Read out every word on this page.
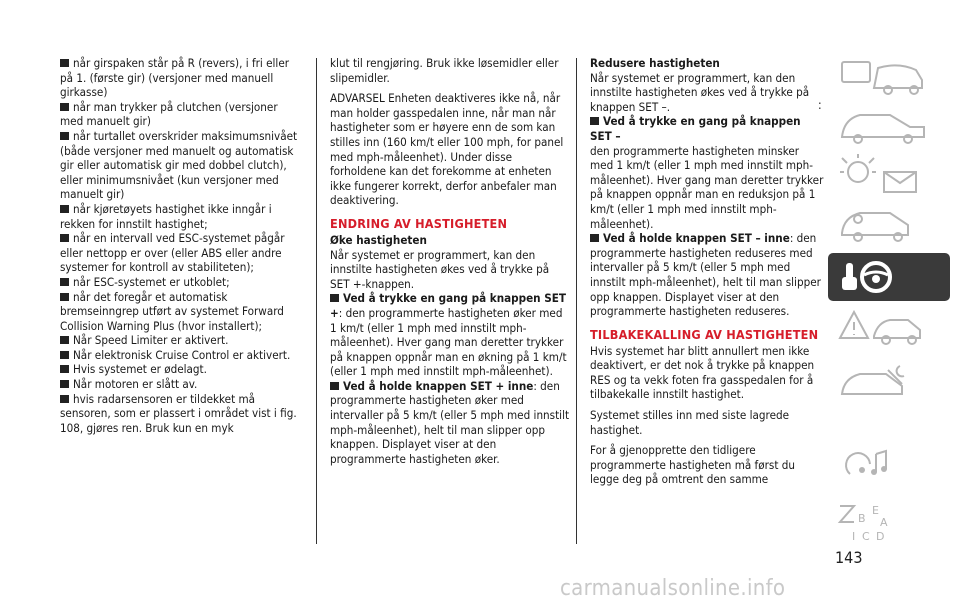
når girspaken står på R (revers), i fri eller på 1. (første gir) (versjoner med manuell girkasse)

når man trykker på clutchen (versjoner med manuelt gir)

når turtallet overskrider maksimumsnivået (både versjoner med manuelt og automatisk gir eller automatisk gir med dobbel clutch), eller minimumsnivået (kun versjoner med manuelt gir)

når kjøretøyets hastighet ikke inngår i rekken for innstilt hastighet;

når en intervall ved ESC-systemet pågår eller nettopp er over (eller ABS eller andre systemer for kontroll av stabiliteten);

når ESC-systemet er utkoblet;

når det foregår et automatisk bremseinngrep utført av systemet Forward Collision Warning Plus (hvor installert);

Når Speed Limiter er aktivert.

Når elektronisk Cruise Control er aktivert.

Hvis systemet er ødelagt.

Når motoren er slått av.

hvis radarsensoren er tildekket må sensoren, som er plassert i området vist i fig. 108, gjøres ren. Bruk kun en myk

klut til rengjøring. Bruk ikke løsemidler eller slipemidler.

ADVARSEL Enheten deaktiveres ikke nå, når man holder gasspedalen inne, når man når hastigheter som er høyere enn de som kan stilles inn (160 km/t eller 100 mph, for panel med mph-måleenhet). Under disse forholdene kan det forekomme at enheten ikke fungerer korrekt, derfor anbefaler man deaktivering.

ENDRING AV HASTIGHETEN
Øke hastigheten

Når systemet er programmert, kan den innstilte hastigheten økes ved å trykke på SET +-knappen.

Ved å trykke en gang på knappen SET +: den programmerte hastigheten øker med 1 km/t (eller 1 mph med innstilt mph-måleenhet). Hver gang man deretter trykker på knappen oppnår man en økning på 1 km/t (eller 1 mph med innstilt mph-måleenhet).

Ved å holde knappen SET + inne: den programmerte hastigheten øker med intervaller på 5 km/t (eller 5 mph med innstilt mph-måleenhet), helt til man slipper opp knappen. Displayet viser at den programmerte hastigheten øker.

Redusere hastigheten

Når systemet er programmert, kan den innstilte hastigheten økes ved å trykke på knappen SET –.

Ved å trykke en gang på knappen SET –
den programmerte hastigheten minsker med 1 km/t (eller 1 mph med innstilt mph-måleenhet). Hver gang man deretter trykker på knappen oppnår man en reduksjon på 1 km/t (eller 1 mph med innstilt mph-måleenhet).

Ved å holde knappen SET – inne: den programmerte hastigheten reduseres med intervaller på 5 km/t (eller 5 mph med innstilt mph-måleenhet), helt til man slipper opp knappen. Displayet viser at den programmerte hastigheten reduseres.

TILBAKEKALLING AV HASTIGHETEN

Hvis systemet har blitt annullert men ikke deaktivert, er det nok å trykke på knappen RES og ta vekk foten fra gasspedalen for å tilbakekalle innstilt hastighet.

Systemet stilles inn med siste lagrede hastighet.

For å gjenopprette den tidligere programmerte hastigheten må først du legge deg på omtrent den samme

:
B
E
A
I C D
143
carmanualsonline.info
